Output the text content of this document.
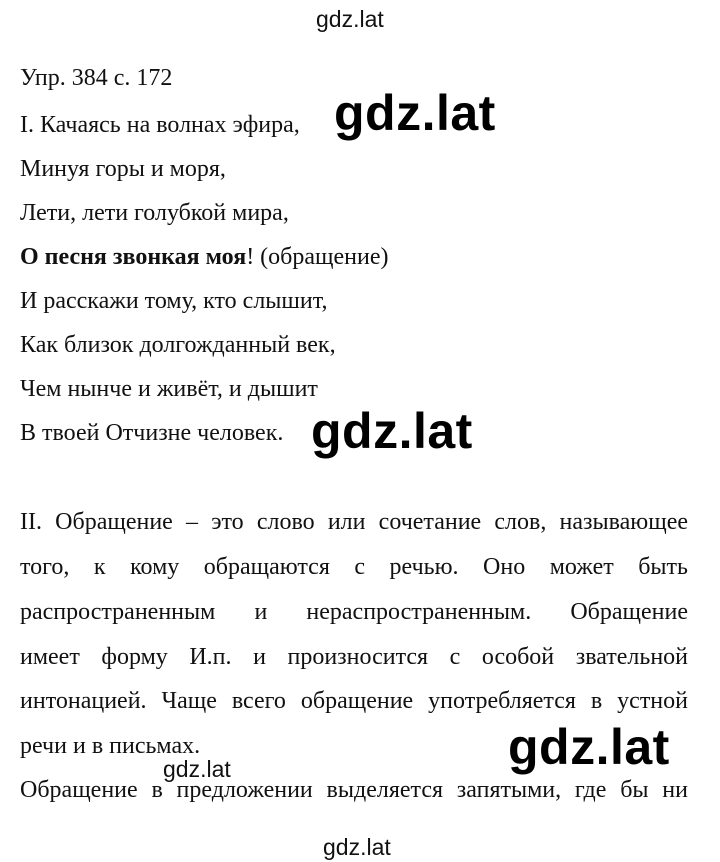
gdz.lat
Упр. 384 с. 172
I. Качаясь на волнах эфира,
Минуя горы и моря,
Лети, лети голубкой мира,
О песня звонкая моя! (обращение)
И расскажи тому, кто слышит,
Как близок долгожданный век,
Чем нынче и живёт, и дышит
В твоей Отчизне человек.
II. Обращение – это слово или сочетание слов, называющее
того, к кому обращаются с речью. Оно может быть
распространенным и нераспространенным. Обращение
имеет форму И.п. и произносится с особой звательной
интонацией. Чаще всего обращение употребляется в устной
речи и в письмах.
Обращение в предложении выделяется запятыми, где бы ни
gdz.lat
gdz.lat
gdz.lat
gdz.lat
gdz.lat
